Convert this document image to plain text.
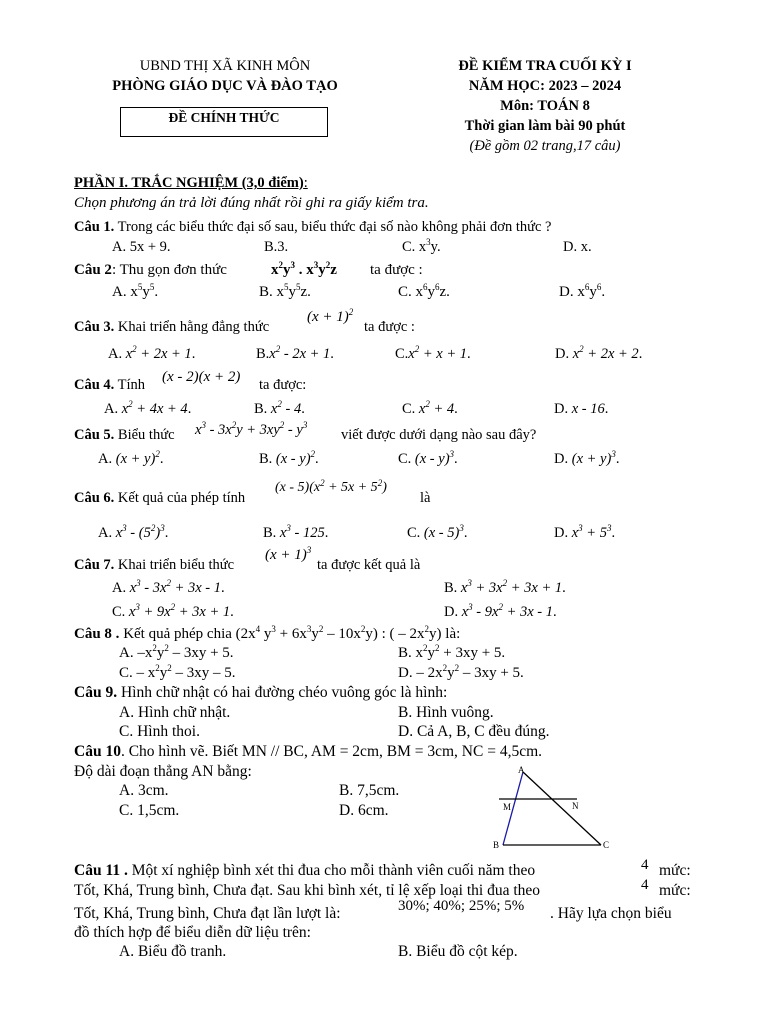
UBND THỊ XÃ KINH MÔN
PHÒNG GIÁO DỤC VÀ ĐÀO TẠO
ĐỀ CHÍNH THỨC
ĐỀ KIỂM TRA CUỐI KỲ I
NĂM HỌC: 2023 – 2024
Môn: TOÁN 8
Thời gian làm bài 90 phút
(Đề gồm 02 trang,17 câu)
PHẦN I. TRẮC NGHIỆM (3,0 điểm):
Chọn phương án trả lời đúng nhất rồi ghi ra giấy kiểm tra.
Câu 1. Trong các biểu thức đại số sau, biểu thức đại số nào không phải đơn thức ?
A. 5x + 9.	B.3.	C. $x^3y$.	D. x.
Câu 2: Thu gọn đơn thức	$x^2y^3$ . $x^3y^2z$ ta được :
A. $x^5y^5$.	B. $x^5y^5z$.	C. $x^6y^6z$.	D. $x^6y^6$.
Câu 3. Khai triển hằng đẳng thức
$(x + 1)^2$
ta được :
A. $x^2 + 2x + 1$.	$B.x^2 - 2x + 1$.	$C.x^2 + x + 1$.	D. $x^2 + 2x + 2$.
Câu 4. Tính (x - 2)(x + 2) ta được:
A. $x^2 + 4x + 4$.	B. $x^2 - 4$.	C. $x^2 + 4$.	D. x - 16.
Câu 5. Biểu thức $x^3 - 3x^2y + 3xy^2 - y^3$
viết được dưới dạng nào sau đây?
A. $(x + y)^2$.	B. (x - y)$^2$.	C. (x - y)$^3$.	D. $(x + y)^3$.
Câu 6. Kết quả của phép tính
$(x - 5)(x^2 + 5x + 5^2)$
là
A. $x^3 - (5^2)^3$.	B. $x^3 - 125$.	C. (x - 5)$^3$.	D. $x^3 + 5^3$.
Câu 7. Khai triển biểu thức
$(x + 1)^3$
ta được kết quả là
A. $x^3 - 3x^2 + 3x - 1$.	B. $x^3 + 3x^2 + 3x + 1$.
C. $x^3 + 9x^2 + 3x + 1$.	D. $x^3 - 9x^2 + 3x - 1$.
Câu 8 . Kết quả phép chia ($2x^4$ $y^3 + 6x^3y^2 - 10x^2y$) : ( – $2x^2y$) là:
A. $-x^2y^2 - 3xy + 5$.	B. $x^2y^2 + 3xy + 5$.
C. – $x^2y^2 - 3xy - 5$.	D. – $2x^2y^2 - 3xy + 5$.
Câu 9. Hình chữ nhật có hai đường chéo vuông góc là hình:
A. Hình chữ nhật.	B. Hình vuông.
C. Hình thoi.	D. Cả A, B, C đều đúng.
Câu 10. Cho hình vẽ. Biết MN // BC, AM = 2cm, BM = 3cm, NC = 4,5cm.
Độ dài đoạn thẳng AN bằng:
A. 3cm.	B. 7,5cm.
C. 1,5cm.	D. 6cm.
A
M	N
B	C
Câu 11 . Một xí nghiệp bình xét thi đua cho mỗi thành viên cuối năm theo	4 mức:
Tốt, Khá, Trung bình, Chưa đạt. Sau khi bình xét, tỉ lệ xếp loại thi đua theo	4 mức:
Tốt, Khá, Trung bình, Chưa đạt lần lượt là:	30%; 40%; 25%; 5% . Hãy lựa chọn biểu
đồ thích hợp để biểu diễn dữ liệu trên:
A. Biểu đồ tranh.	B. Biểu đồ cột kép.
